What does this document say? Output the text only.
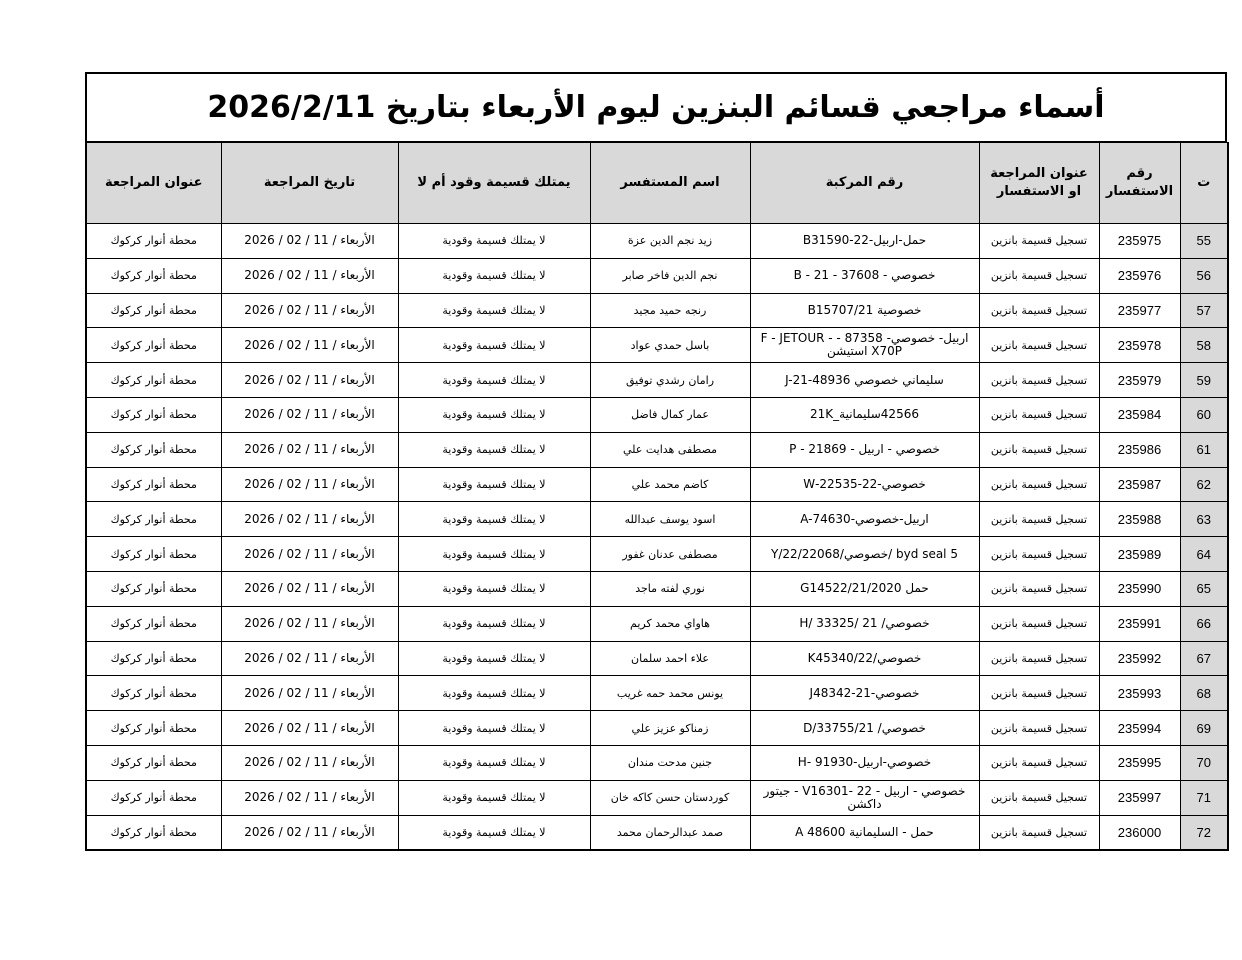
أسماء مراجعي قسائم البنزين ليوم الأربعاء بتاريخ 2026/2/11
ت	رقم الاستفسار	عنوان المراجعة او الاستفسار	رقم المركبة	اسم المستفسر	يمتلك قسيمة وقود أم لا	تاريخ المراجعة	عنوان المراجعة
55	235975	تسجيل قسيمة بانزين	حمل-اربيل-22-B31590	زيد نجم الدين عزة	لا يمتلك قسيمة وقودية	الأربعاء / 11 / 02 / 2026	محطة أنوار كركوك
56	235976	تسجيل قسيمة بانزين	خصوصي - 37608 - 21 - B	نجم الدين فاخر صابر	لا يمتلك قسيمة وقودية	الأربعاء / 11 / 02 / 2026	محطة أنوار كركوك
57	235977	تسجيل قسيمة بانزين	خصوصية B15707/21	رنجه حميد مجيد	لا يمتلك قسيمة وقودية	الأربعاء / 11 / 02 / 2026	محطة أنوار كركوك
58	235978	تسجيل قسيمة بانزين	اربيل- خصوصي- 87358 - F - JETOUR -X70P استيشن	باسل حمدي عواد	لا يمتلك قسيمة وقودية	الأربعاء / 11 / 02 / 2026	محطة أنوار كركوك
59	235979	تسجيل قسيمة بانزين	سليماني خصوصي 48936-J-21	رامان رشدي توفيق	لا يمتلك قسيمة وقودية	الأربعاء / 11 / 02 / 2026	محطة أنوار كركوك
60	235984	تسجيل قسيمة بانزين	42566سليمانية_21K	عمار كمال فاضل	لا يمتلك قسيمة وقودية	الأربعاء / 11 / 02 / 2026	محطة أنوار كركوك
61	235986	تسجيل قسيمة بانزين	خصوصي - اربيل - 21869 - P	مصطفى هدايت علي	لا يمتلك قسيمة وقودية	الأربعاء / 11 / 02 / 2026	محطة أنوار كركوك
62	235987	تسجيل قسيمة بانزين	خصوصي-22-22535-W	كاضم محمد علي	لا يمتلك قسيمة وقودية	الأربعاء / 11 / 02 / 2026	محطة أنوار كركوك
63	235988	تسجيل قسيمة بانزين	اربيل-خصوصي-A-74630	اسود يوسف عبدالله	لا يمتلك قسيمة وقودية	الأربعاء / 11 / 02 / 2026	محطة أنوار كركوك
64	235989	تسجيل قسيمة بانزين	byd seal 5 /خصوصي/22068/Y/22	مصطفى عدنان غفور	لا يمتلك قسيمة وقودية	الأربعاء / 11 / 02 / 2026	محطة أنوار كركوك
65	235990	تسجيل قسيمة بانزين	حمل G14522/21/2020	نوري لفته ماجد	لا يمتلك قسيمة وقودية	الأربعاء / 11 / 02 / 2026	محطة أنوار كركوك
66	235991	تسجيل قسيمة بانزين	خصوصي/ 21 /H/ 33325	هاواي محمد كريم	لا يمتلك قسيمة وقودية	الأربعاء / 11 / 02 / 2026	محطة أنوار كركوك
67	235992	تسجيل قسيمة بانزين	خصوصي/22/K45340	علاء احمد سلمان	لا يمتلك قسيمة وقودية	الأربعاء / 11 / 02 / 2026	محطة أنوار كركوك
68	235993	تسجيل قسيمة بانزين	خصوصي-21-J48342	يونس محمد حمه غريب	لا يمتلك قسيمة وقودية	الأربعاء / 11 / 02 / 2026	محطة أنوار كركوك
69	235994	تسجيل قسيمة بانزين	خصوصي/ 21/D/33755	زمناكو عزيز علي	لا يمتلك قسيمة وقودية	الأربعاء / 11 / 02 / 2026	محطة أنوار كركوك
70	235995	تسجيل قسيمة بانزين	خصوصي-اربيل-91930 -H	جنين مدحت مندان	لا يمتلك قسيمة وقودية	الأربعاء / 11 / 02 / 2026	محطة أنوار كركوك
71	235997	تسجيل قسيمة بانزين	خصوصي - اربيل - 22 -V16301 - جيتور داكشن	كوردستان حسن كاكه خان	لا يمتلك قسيمة وقودية	الأربعاء / 11 / 02 / 2026	محطة أنوار كركوك
72	236000	تسجيل قسيمة بانزين	حمل - السليمانية 48600 A	صمد عبدالرحمان محمد	لا يمتلك قسيمة وقودية	الأربعاء / 11 / 02 / 2026	محطة أنوار كركوك
